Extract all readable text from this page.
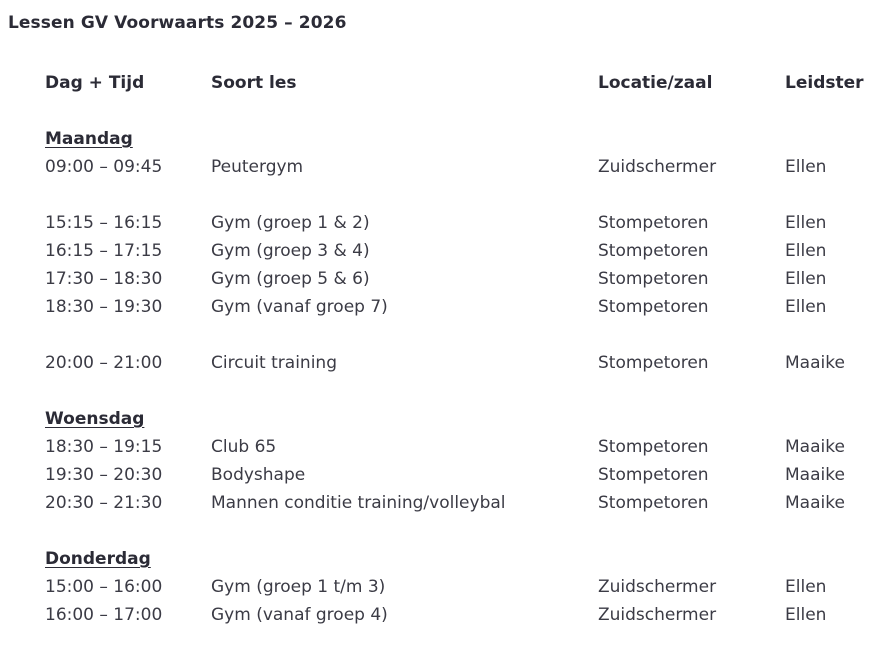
Lessen GV Voorwaarts 2025 – 2026
Dag + Tijd	Soort les	Locatie/zaal	Leidster
Maandag
09:00 – 09:45	Peutergym	Zuidschermer	Ellen
15:15 – 16:15	Gym (groep 1 & 2)	Stompetoren	Ellen
16:15 – 17:15	Gym (groep 3 & 4)	Stompetoren	Ellen
17:30 – 18:30	Gym (groep 5 & 6)	Stompetoren	Ellen
18:30 – 19:30	Gym (vanaf groep 7)	Stompetoren	Ellen
20:00 – 21:00	Circuit training	Stompetoren	Maaike
Woensdag
18:30 – 19:15	Club 65	Stompetoren	Maaike
19:30 – 20:30	Bodyshape	Stompetoren	Maaike
20:30 – 21:30	Mannen conditie training/volleybal	Stompetoren	Maaike
Donderdag
15:00 – 16:00	Gym (groep 1 t/m 3)	Zuidschermer	Ellen
16:00 – 17:00	Gym (vanaf groep 4)	Zuidschermer	Ellen
